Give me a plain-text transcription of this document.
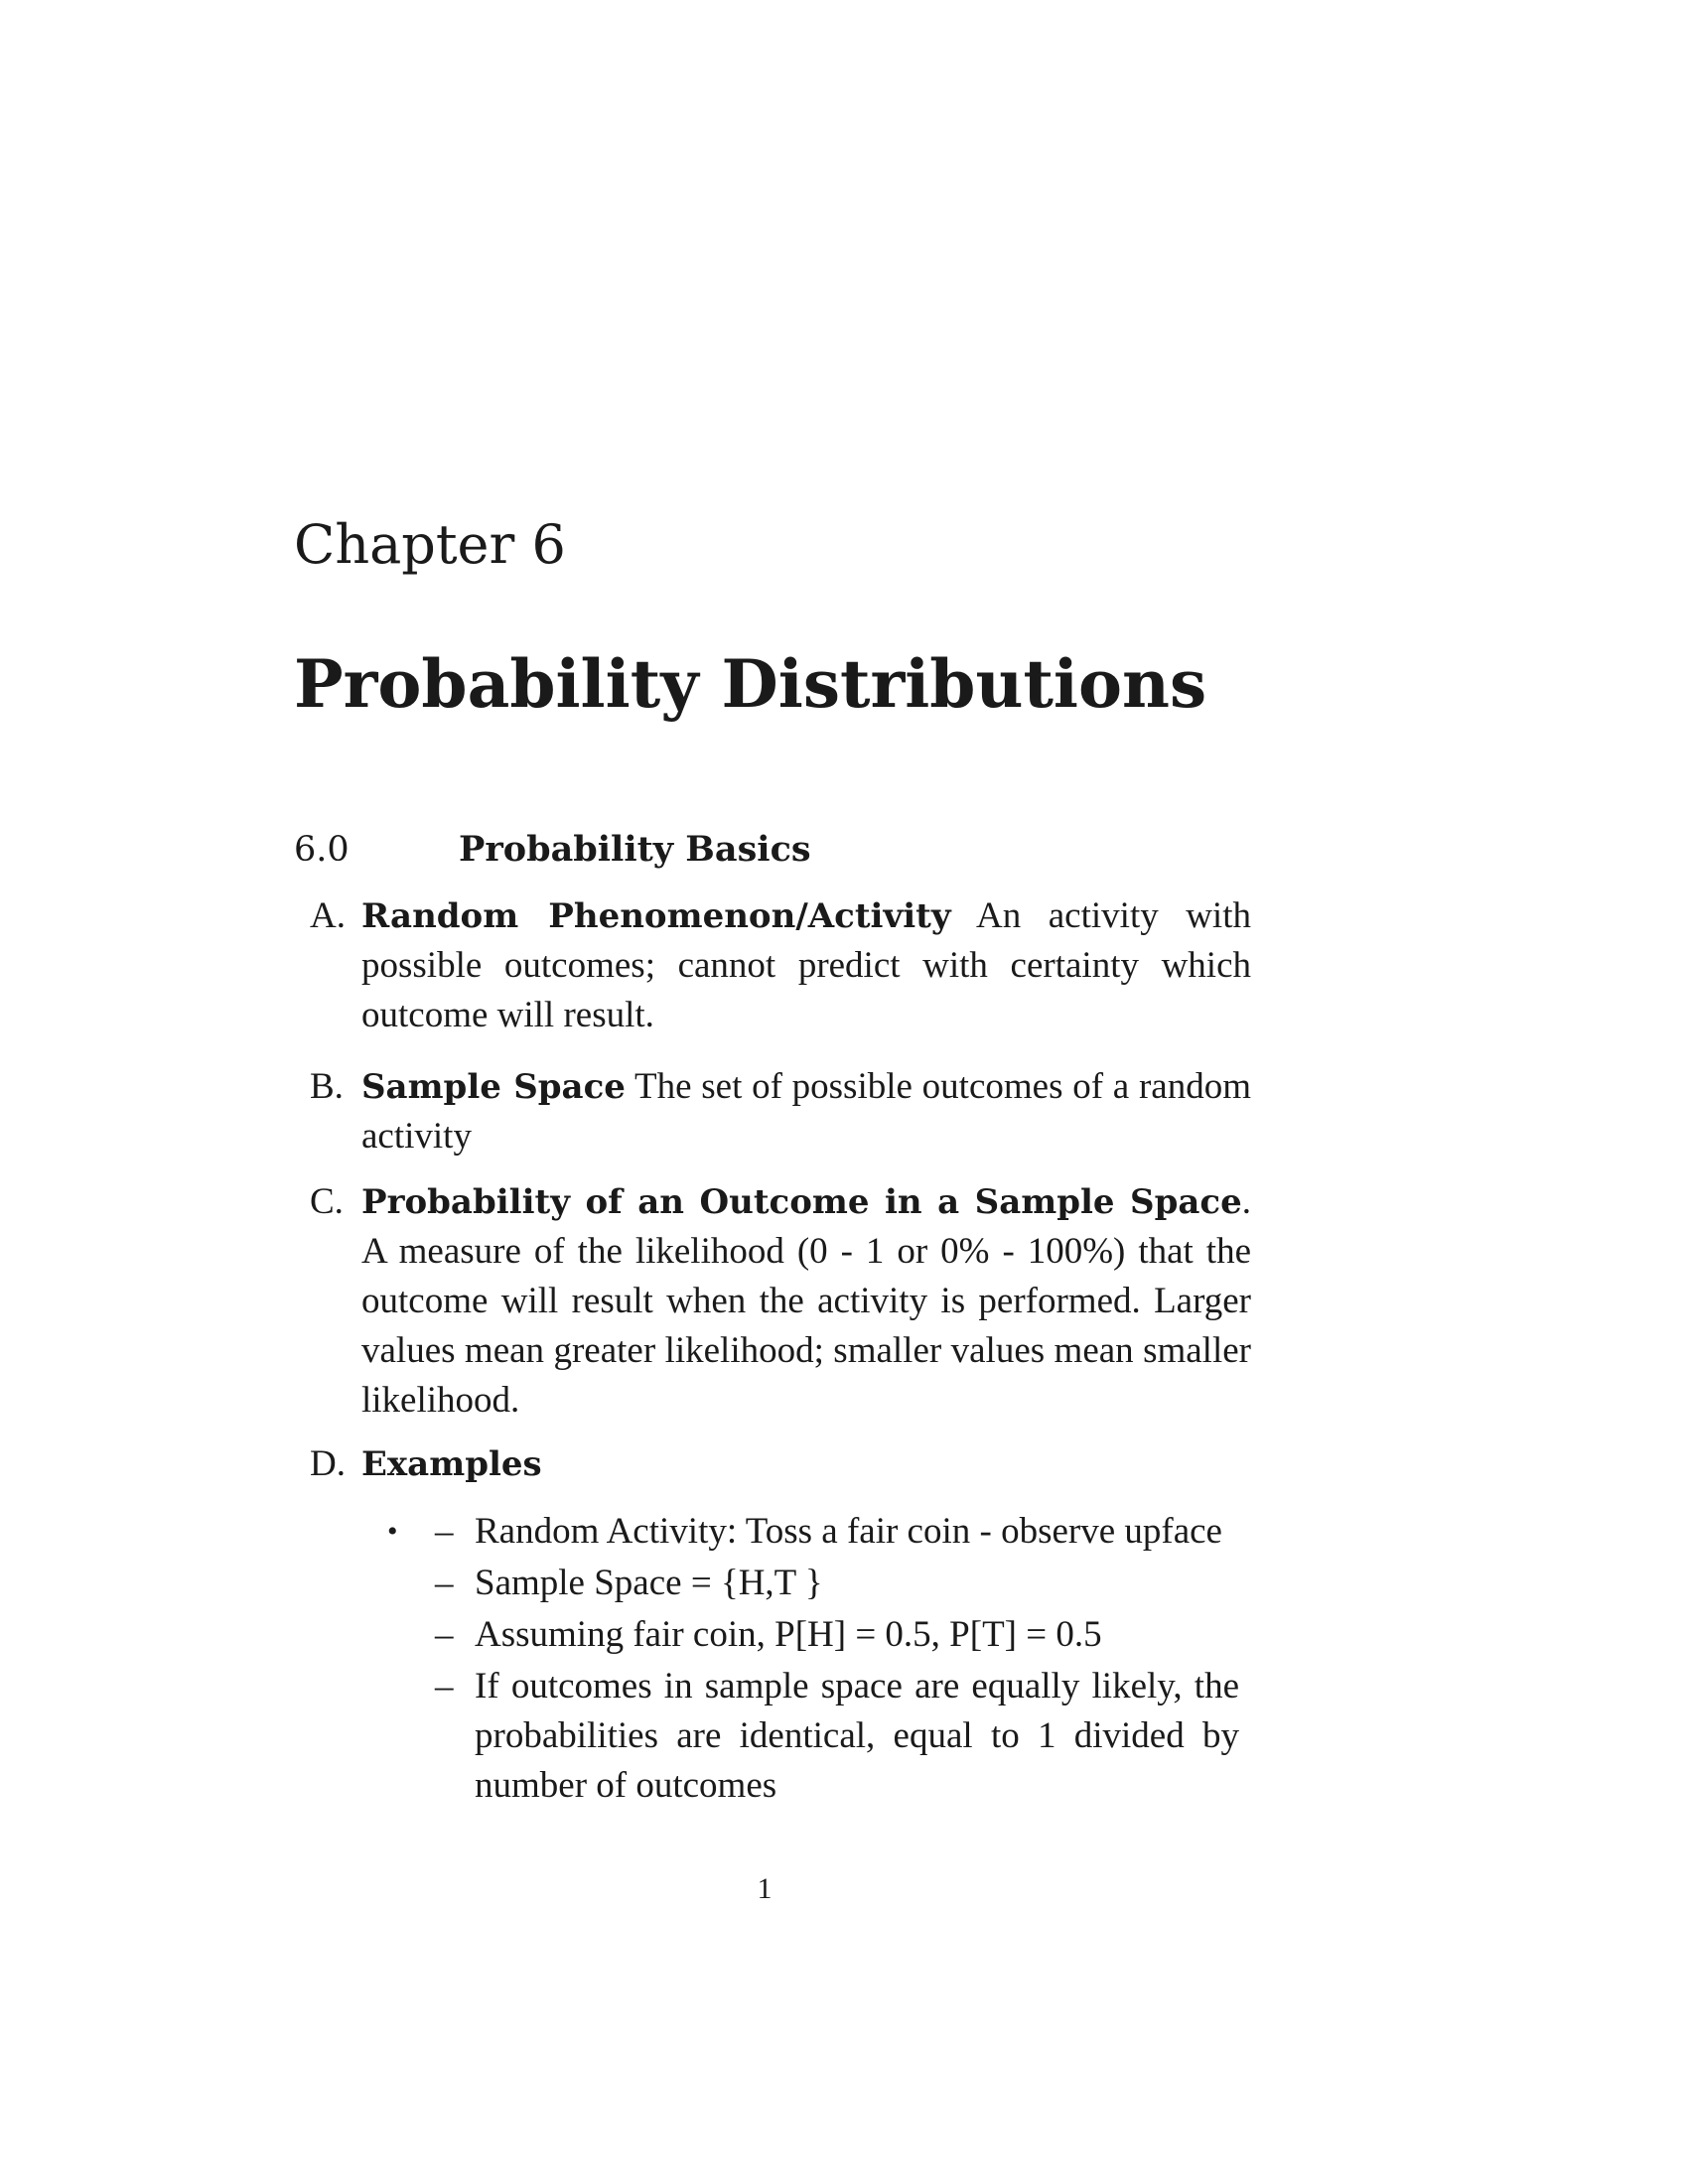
Chapter 6
Probability Distributions
6.0	Probability Basics
A. Random Phenomenon/Activity An activity with possible outcomes; cannot predict with certainty which outcome will result.
B. Sample Space The set of possible outcomes of a random activity
C. Probability of an Outcome in a Sample Space. A measure of the likelihood (0 - 1 or 0% - 100%) that the outcome will result when the activity is performed. Larger values mean greater likelihood; smaller values mean smaller likelihood.
D. Examples
• – Random Activity: Toss a fair coin - observe upface
– Sample Space = {H,T }
– Assuming fair coin, P[H] = 0.5, P[T] = 0.5
– If outcomes in sample space are equally likely, the probabilities are identical, equal to 1 divided by number of outcomes
1
